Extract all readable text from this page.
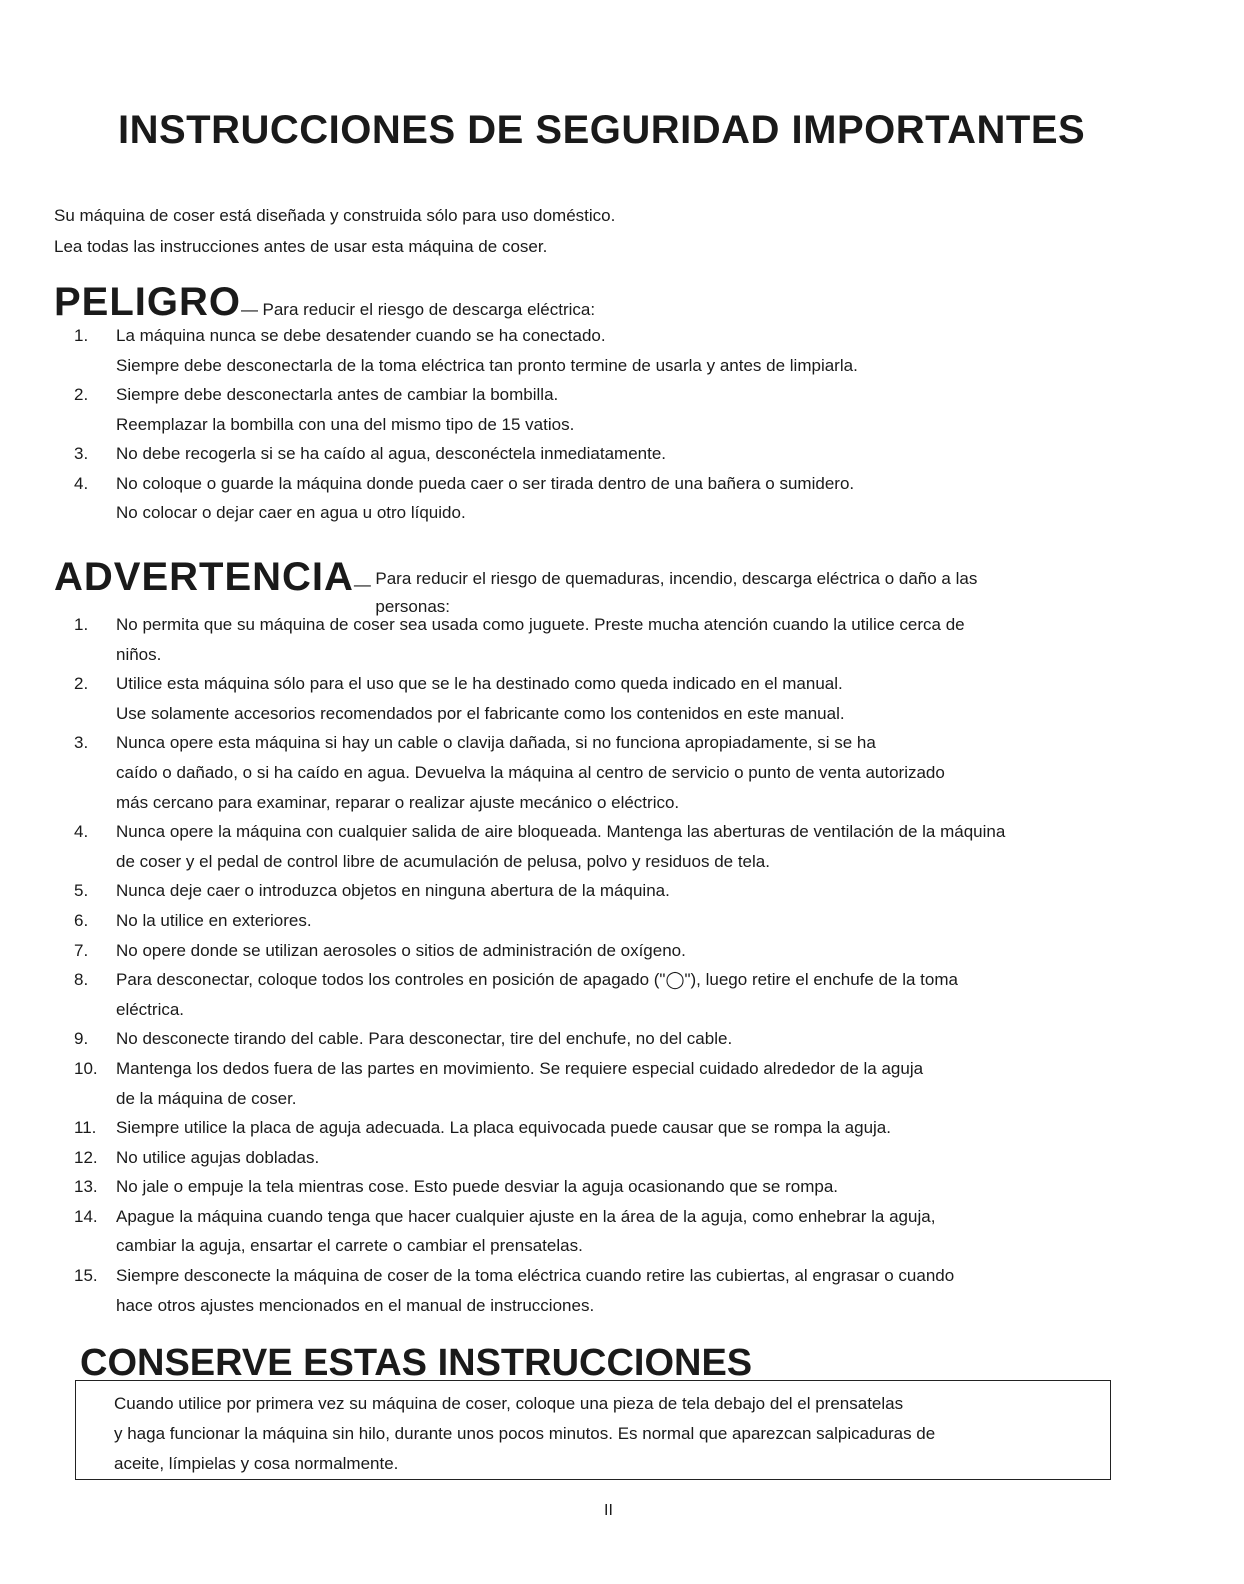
INSTRUCCIONES DE SEGURIDAD IMPORTANTES
Su máquina de coser está diseñada y construida sólo para uso doméstico.
Lea todas las instrucciones antes de usar esta máquina de coser.
PELIGRO— Para reducir el riesgo de descarga eléctrica:
1. La máquina nunca se debe desatender cuando se ha conectado.
Siempre debe desconectarla de la toma eléctrica tan pronto termine de usarla y antes de limpiarla.
2. Siempre debe desconectarla antes de cambiar la bombilla.
Reemplazar la bombilla con una del mismo tipo de 15 vatios.
3. No debe recogerla si se ha caído al agua, desconéctela inmediatamente.
4. No coloque o guarde la máquina donde pueda caer o ser tirada dentro de una bañera o sumidero.
No colocar o dejar caer en agua u otro líquido.
ADVERTENCIA— Para reducir el riesgo de quemaduras, incendio, descarga eléctrica o daño a las
personas:
1. No permita que su máquina de coser sea usada como juguete. Preste mucha atención cuando la utilice cerca de
niños.
2. Utilice esta máquina sólo para el uso que se le ha destinado como queda indicado en el manual.
Use solamente accesorios recomendados por el fabricante como los contenidos en este manual.
3. Nunca opere esta máquina si hay un cable o clavija dañada, si no funciona apropiadamente, si se ha
caído o dañado, o si ha caído en agua. Devuelva la máquina al centro de servicio o punto de venta autorizado
más cercano para examinar, reparar o realizar ajuste mecánico o eléctrico.
4. Nunca opere la máquina con cualquier salida de aire bloqueada. Mantenga las aberturas de ventilación de la máquina
de coser y el pedal de control libre de acumulación de pelusa, polvo y residuos de tela.
5. Nunca deje caer o introduzca objetos en ninguna abertura de la máquina.
6. No la utilice en exteriores.
7. No opere donde se utilizan aerosoles o sitios de administración de oxígeno.
8. Para desconectar, coloque todos los controles en posición de apagado ("◯"), luego retire el enchufe de la toma
eléctrica.
9. No desconecte tirando del cable. Para desconectar, tire del enchufe, no del cable.
10. Mantenga los dedos fuera de las partes en movimiento. Se requiere especial cuidado alrededor de la aguja
de la máquina de coser.
11. Siempre utilice la placa de aguja adecuada. La placa equivocada puede causar que se rompa la aguja.
12. No utilice agujas dobladas.
13. No jale o empuje la tela mientras cose. Esto puede desviar la aguja ocasionando que se rompa.
14. Apague la máquina cuando tenga que hacer cualquier ajuste en la área de la aguja, como enhebrar la aguja,
cambiar la aguja, ensartar el carrete o cambiar el prensatelas.
15. Siempre desconecte la máquina de coser de la toma eléctrica cuando retire las cubiertas, al engrasar o cuando
hace otros ajustes mencionados en el manual de instrucciones.
CONSERVE ESTAS INSTRUCCIONES
Cuando utilice por primera vez su máquina de coser, coloque una pieza de tela debajo del el prensatelas
y haga funcionar la máquina sin hilo, durante unos pocos minutos. Es normal que aparezcan salpicaduras de
aceite, límpielas y cosa normalmente.
II
